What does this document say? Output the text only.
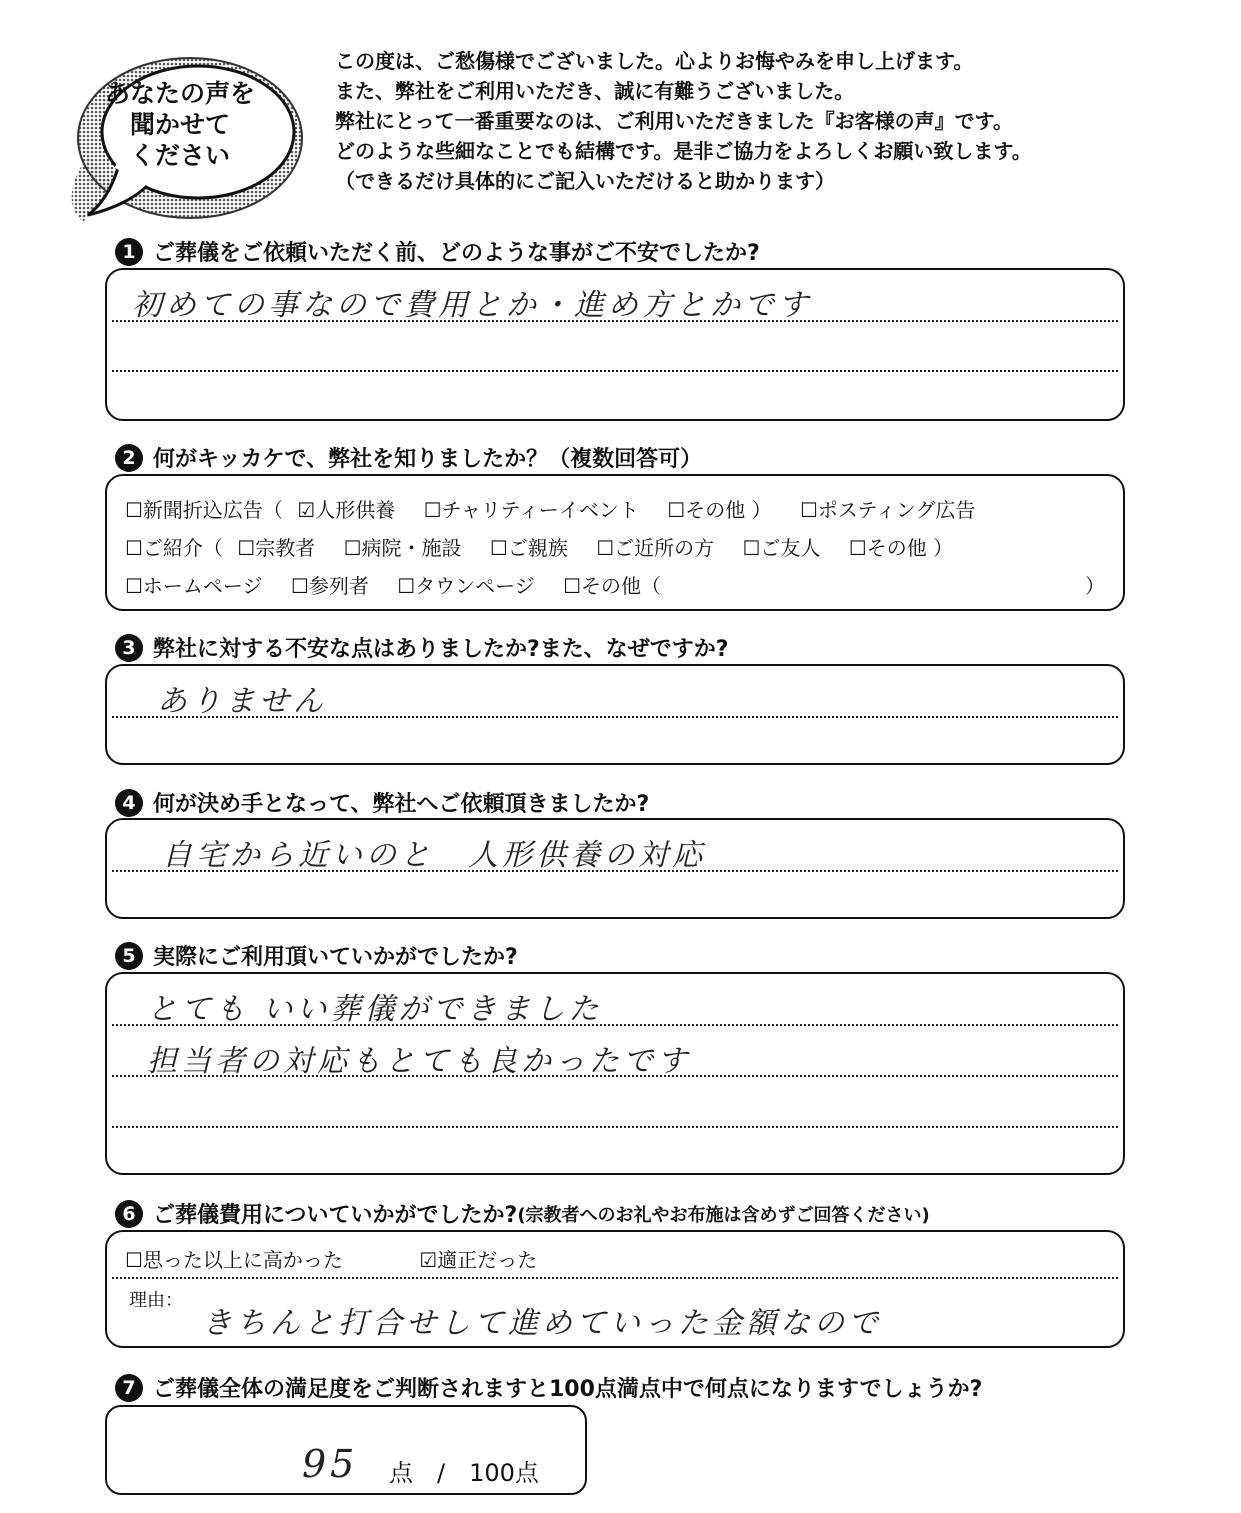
あなたの声を
聞かせて
ください
この度は、ご愁傷様でございました。心よりお悔やみを申し上げます。
また、弊社をご利用いただき、誠に有難うございました。
弊社にとって一番重要なのは、ご利用いただきました『お客様の声』です。
どのような些細なことでも結構です。是非ご協力をよろしくお願い致します。
（できるだけ具体的にご記入いただけると助かります）
1 ご葬儀をご依頼いただく前、どのような事がご不安でしたか?
初めての事なので費用とか・進め方とかです
2 何がキッカケで、弊社を知りましたか？（複数回答可）
☐新聞折込広告（ ☑人形供養 ☐チャリティーイベント ☐その他 ） ☐ポスティング広告
☐ご紹介（ ☐宗教者 ☐病院・施設 ☐ご親族 ☐ご近所の方 ☐ご友人 ☐その他 ）
☐ホームページ ☐参列者 ☐タウンページ ☐その他（	）
3 弊社に対する不安な点はありましたか?また、なぜですか?
ありません
4 何が決め手となって、弊社へご依頼頂きましたか?
自宅から近いのと　人形供養の対応
5 実際にご利用頂いていかがでしたか?
とても いい葬儀ができました
担当者の対応もとても良かったです
6 ご葬儀費用についていかがでしたか? (宗教者へのお礼やお布施は含めずご回答ください)
☐思った以上に高かった	☑適正だった
理由：
きちんと打合せして進めていった金額なので
7 ご葬儀全体の満足度をご判断されますと100点満点中で何点になりますでしょうか?
95 点　/　100点
